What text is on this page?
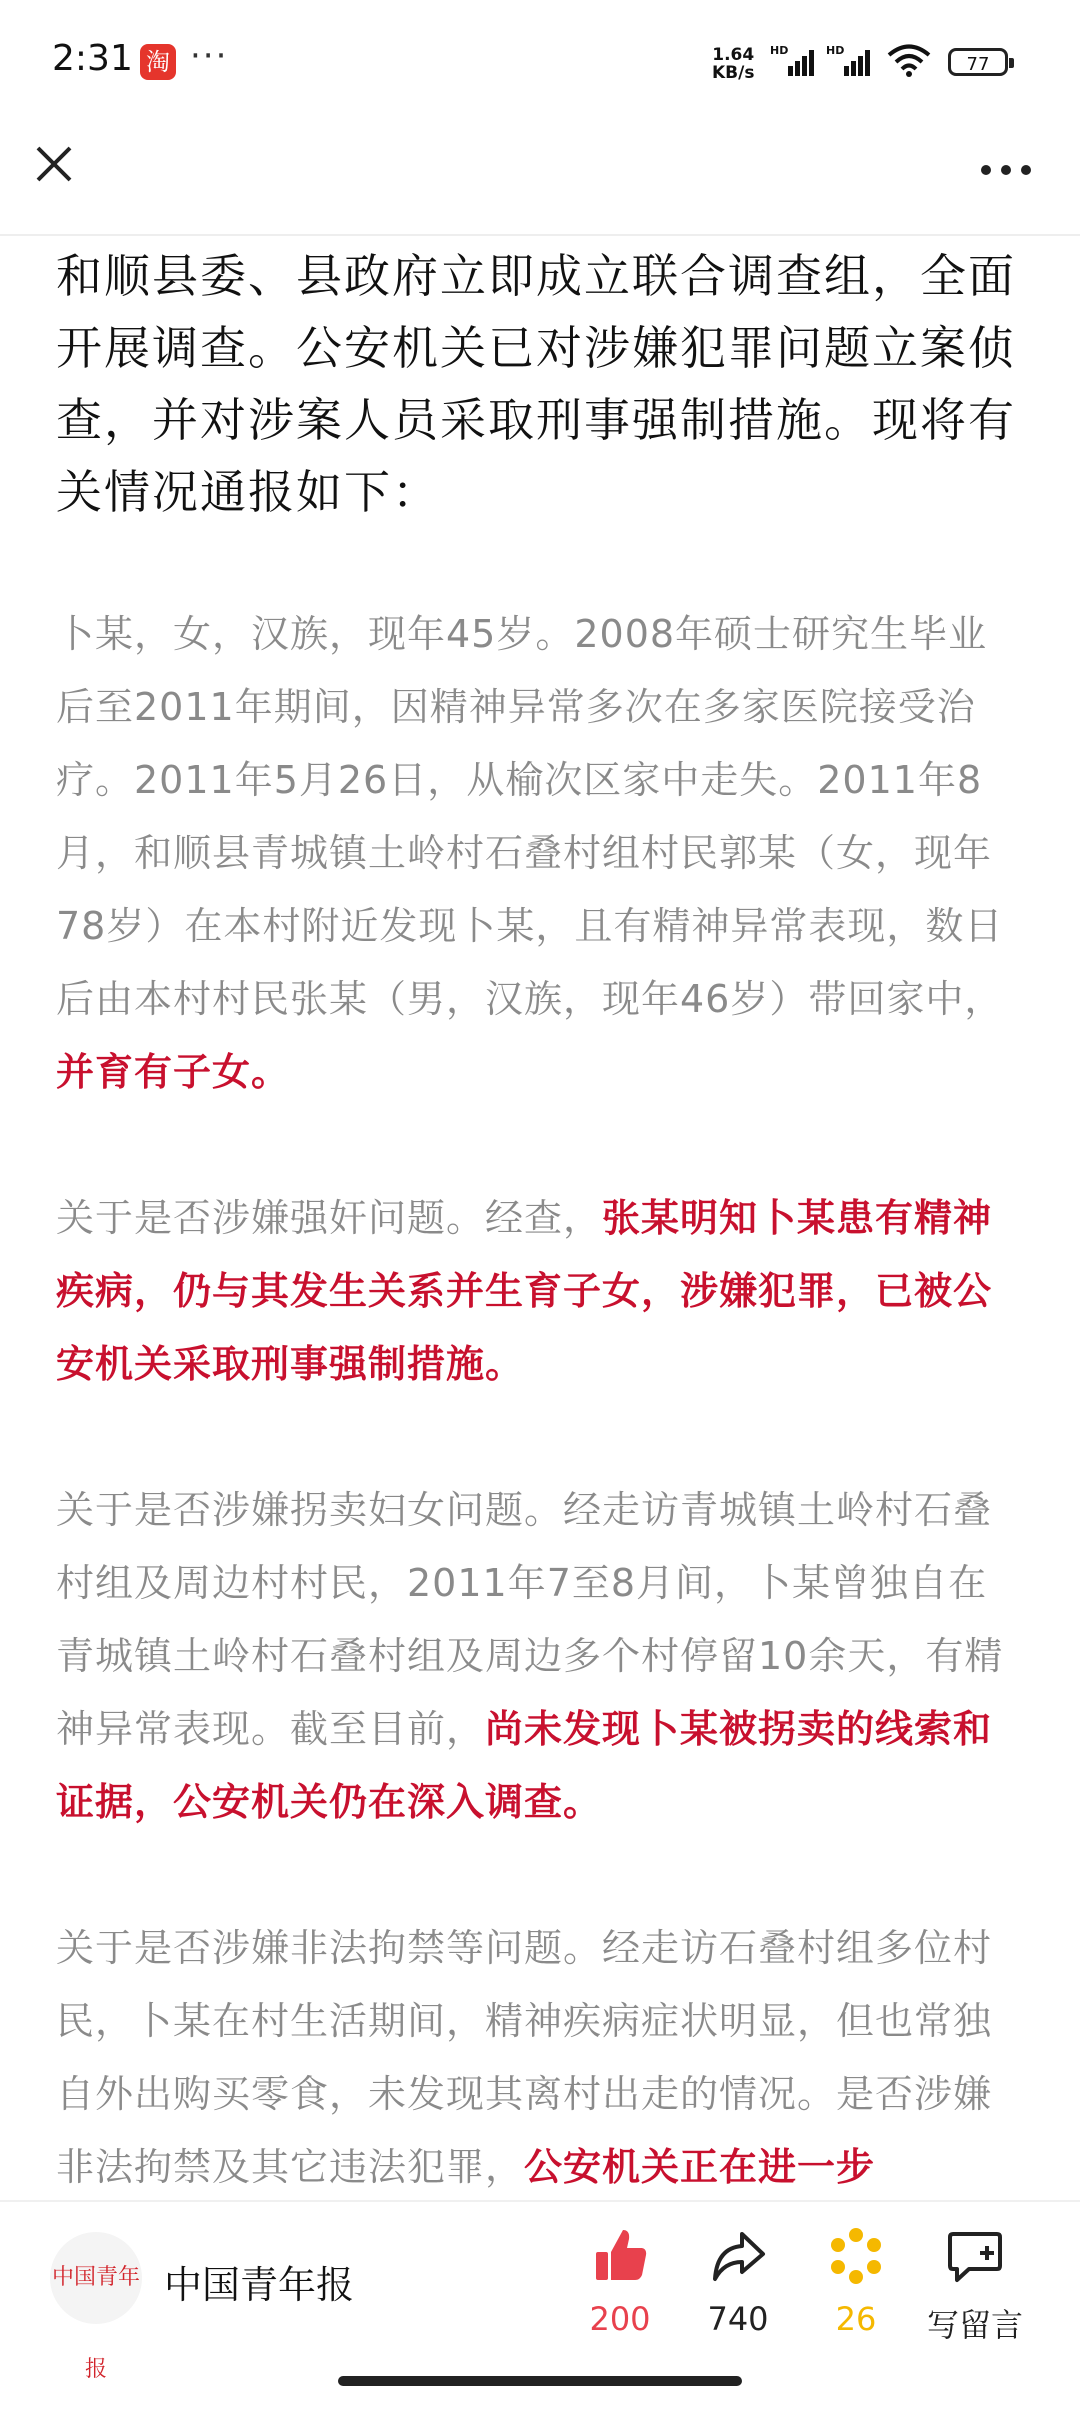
2:31 淘 ···	1.64
KB/s
HD	HD
77

和顺县委、县政府立即成立联合调查组，全面开展调查。公安机关已对涉嫌犯罪问题立案侦查，并对涉案人员采取刑事强制措施。现将有关情况通报如下：

卜某，女，汉族，现年45岁。2008年硕士研究生毕业后至2011年期间，因精神异常多次在多家医院接受治疗。2011年5月26日，从榆次区家中走失。2011年8月，和顺县青城镇土岭村石叠村组村民郭某（女，现年78岁）在本村附近发现卜某，且有精神异常表现，数日后由本村村民张某（男，汉族，现年46岁）带回家中，并育有子女。

关于是否涉嫌强奸问题。经查，张某明知卜某患有精神疾病，仍与其发生关系并生育子女，涉嫌犯罪，已被公安机关采取刑事强制措施。

关于是否涉嫌拐卖妇女问题。经走访青城镇土岭村石叠村组及周边村村民，2011年7至8月间，卜某曾独自在青城镇土岭村石叠村组及周边多个村停留10余天，有精神异常表现。截至目前，尚未发现卜某被拐卖的线索和证据，公安机关仍在深入调查。

关于是否涉嫌非法拘禁等问题。经走访石叠村组多位村民，卜某在村生活期间，精神疾病症状明显，但也常独自外出购买零食，未发现其离村出走的情况。是否涉嫌非法拘禁及其它违法犯罪，公安机关正在进一步

中国青年报
中国青年报
200	740	26	写留言
